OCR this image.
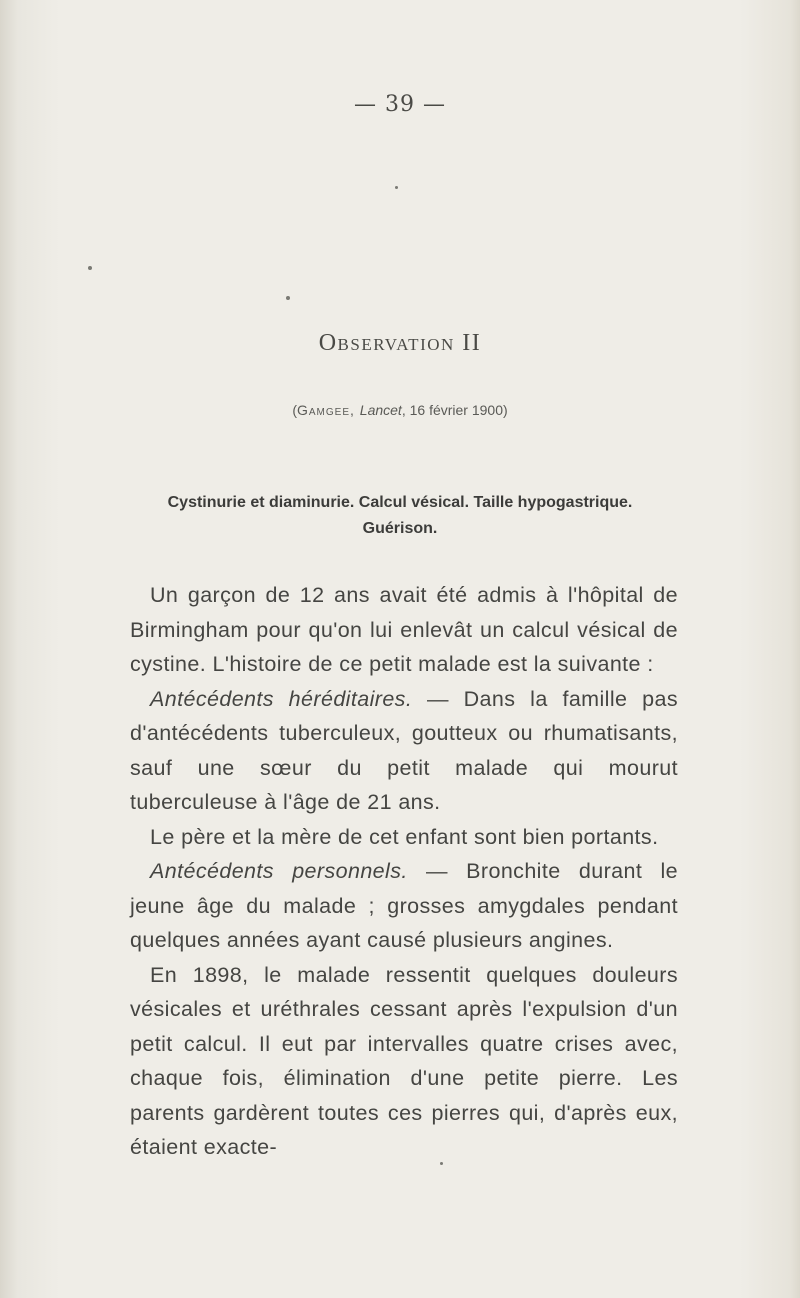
— 39 —
Observation II
(Gamgee, Lancet, 16 février 1900)
Cystinurie et diaminurie. Calcul vésical. Taille hypogastrique.
Guérison.

Un garçon de 12 ans avait été admis à l'hôpital de Birmingham pour qu'on lui enlevât un calcul vésical de cystine. L'histoire de ce petit malade est la suivante :

Antécédents héréditaires. — Dans la famille pas d'antécédents tuberculeux, goutteux ou rhumatisants, sauf une sœur du petit malade qui mourut tuberculeuse à l'âge de 21 ans.

Le père et la mère de cet enfant sont bien portants.

Antécédents personnels. — Bronchite durant le jeune âge du malade ; grosses amygdales pendant quelques années ayant causé plusieurs angines.

En 1898, le malade ressentit quelques douleurs vésicales et uréthrales cessant après l'expulsion d'un petit calcul. Il eut par intervalles quatre crises avec, chaque fois, élimination d'une petite pierre. Les parents gardèrent toutes ces pierres qui, d'après eux, étaient exacte-
